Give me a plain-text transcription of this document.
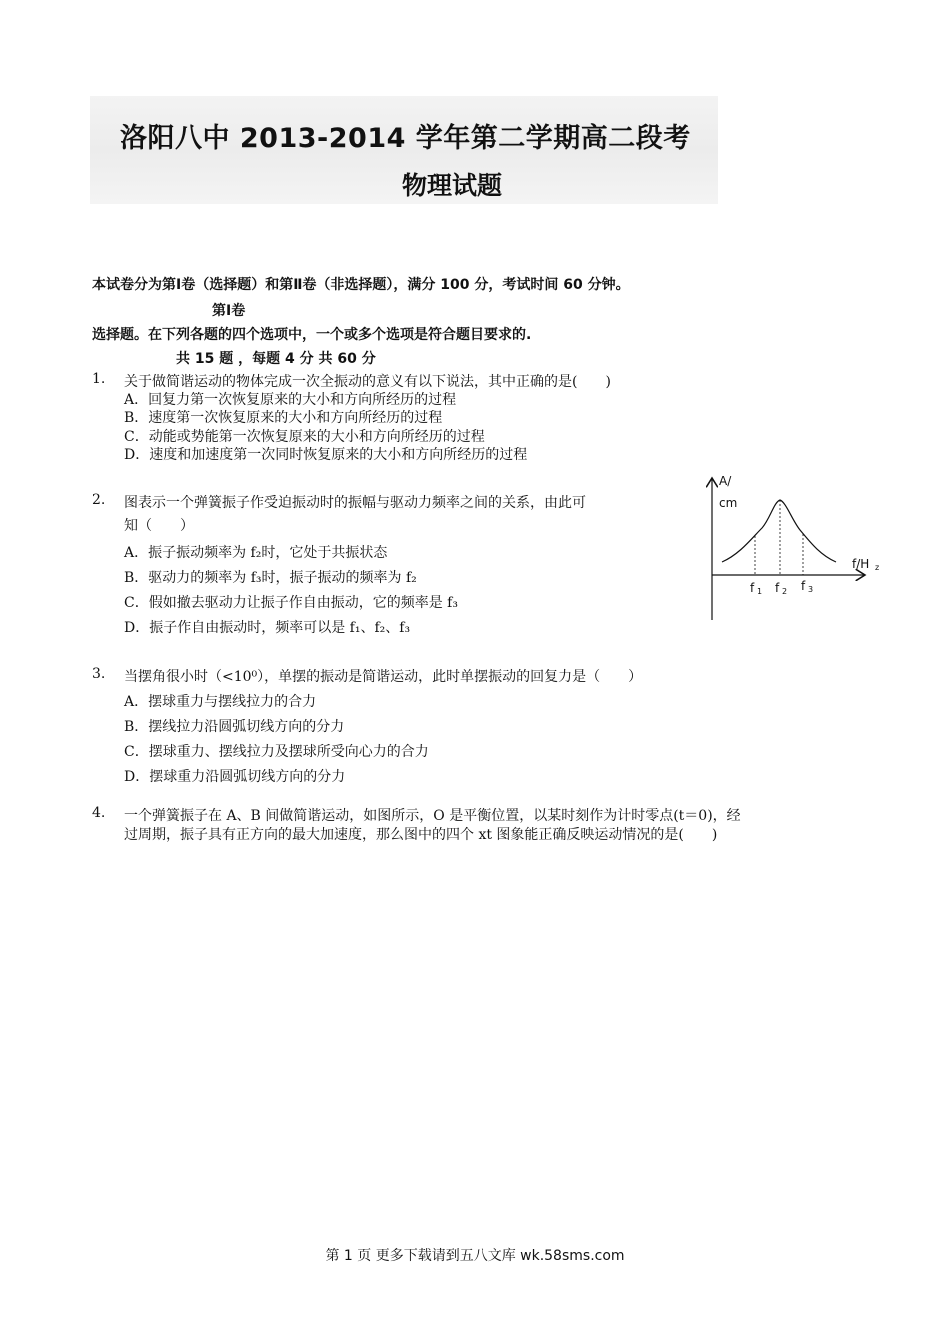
洛阳八中 2013-2014 学年第二学期高二段考
物理试题
本试卷分为第Ⅰ卷（选择题）和第Ⅱ卷（非选择题），满分 100 分，考试时间 60 分钟。
第Ⅰ卷
选择题。在下列各题的四个选项中，一个或多个选项是符合题目要求的.
共 15 题 ，每题 4 分 共 60 分
1. 关于做简谐运动的物体完成一次全振动的意义有以下说法，其中正确的是(　　)
A．回复力第一次恢复原来的大小和方向所经历的过程
B．速度第一次恢复原来的大小和方向所经历的过程
C．动能或势能第一次恢复原来的大小和方向所经历的过程
D．速度和加速度第一次同时恢复原来的大小和方向所经历的过程
2. 图表示一个弹簧振子作受迫振动时的振幅与驱动力频率之间的关系，由此可
知（　　）
A．振子振动频率为 f₂时，它处于共振状态
B．驱动力的频率为 f₃时，振子振动的频率为 f₂
C．假如撤去驱动力让振子作自由振动，它的频率是 f₃
D．振子作自由振动时，频率可以是 f₁、f₂、f₃
A/
cm
f/H z
f 1 f 2 f 3
3. 当摆角很小时（<10⁰），单摆的振动是简谐运动，此时单摆振动的回复力是（　　）
A．摆球重力与摆线拉力的合力
B．摆线拉力沿圆弧切线方向的分力
C．摆球重力、摆线拉力及摆球所受向心力的合力
D．摆球重力沿圆弧切线方向的分力
4. 一个弹簧振子在 A、B 间做简谐运动，如图所示，O 是平衡位置，以某时刻作为计时零点(t＝0)，经
过周期，振子具有正方向的最大加速度，那么图中的四个 xt 图象能正确反映运动情况的是(　　)
第 1 页 更多下载请到五八文库 wk.58sms.com
